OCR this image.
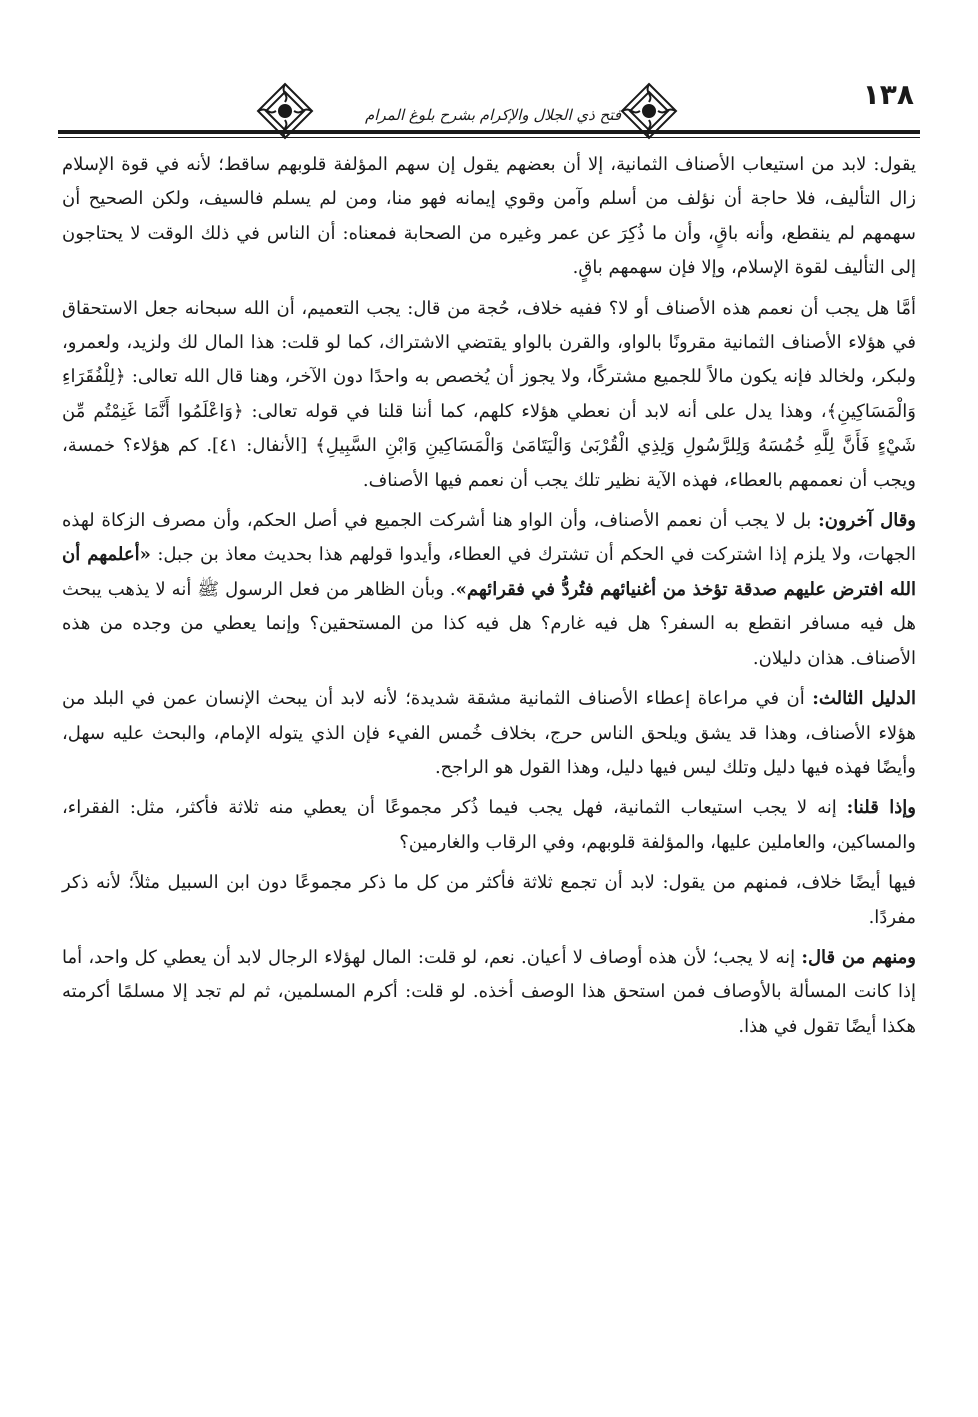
١٣٨
فتح ذي الجلال والإكرام بشرح بلوغ المرام

يقول: لابد من استيعاب الأصناف الثمانية، إلا أن بعضهم يقول إن سهم المؤلفة قلوبهم ساقط؛ لأنه في قوة الإسلام زال التأليف، فلا حاجة أن نؤلف من أسلم وآمن وقوي إيمانه فهو منا، ومن لم يسلم فالسيف، ولكن الصحيح أن سهمهم لم ينقطع، وأنه باقٍ، وأن ما ذُكِرَ عن عمر وغيره من الصحابة فمعناه: أن الناس في ذلك الوقت لا يحتاجون إلى التأليف لقوة الإسلام، وإلا فإن سهمهم باقٍ.

أمَّا هل يجب أن نعمم هذه الأصناف أو لا؟ ففيه خلاف، حُجة من قال: يجب التعميم، أن الله سبحانه جعل الاستحقاق في هؤلاء الأصناف الثمانية مقرونًا بالواو، والقرن بالواو يقتضي الاشتراك، كما لو قلت: هذا المال لك ولزيد، ولعمرو، ولبكر، ولخالد فإنه يكون مالاً للجميع مشتركًا، ولا يجوز أن يُخصص به واحدًا دون الآخر، وهنا قال الله تعالى: ﴿لِلْفُقَرَاءِ وَالْمَسَاكِينِ﴾، وهذا يدل على أنه لابد أن نعطي هؤلاء كلهم، كما أننا قلنا في قوله تعالى: ﴿وَاعْلَمُوا أَنَّمَا غَنِمْتُم مِّن شَيْءٍ فَأَنَّ لِلَّهِ خُمُسَهُ وَلِلرَّسُولِ وَلِذِي الْقُرْبَىٰ وَالْيَتَامَىٰ وَالْمَسَاكِينِ وَابْنِ السَّبِيلِ﴾ [الأنفال: ٤١]. كم هؤلاء؟ خمسة، ويجب أن نعممهم بالعطاء، فهذه الآية نظير تلك يجب أن نعمم فيها الأصناف.

وقال آخرون: بل لا يجب أن نعمم الأصناف، وأن الواو هنا أشركت الجميع في أصل الحكم، وأن مصرف الزكاة لهذه الجهات، ولا يلزم إذا اشتركت في الحكم أن تشترك في العطاء، وأيدوا قولهم هذا بحديث معاذ بن جبل: «أعلمهم أن الله افترض عليهم صدقة تؤخذ من أغنيائهم فتُردُّ في فقرائهم». وبأن الظاهر من فعل الرسول ﷺ أنه لا يذهب يبحث هل فيه مسافر انقطع به السفر؟ هل فيه غارم؟ هل فيه كذا من المستحقين؟ وإنما يعطي من وجده من هذه الأصناف. هذان دليلان.

الدليل الثالث: أن في مراعاة إعطاء الأصناف الثمانية مشقة شديدة؛ لأنه لابد أن يبحث الإنسان عمن في البلد من هؤلاء الأصناف، وهذا قد يشق ويلحق الناس حرج، بخلاف خُمس الفيء فإن الذي يتوله الإمام، والبحث عليه سهل، وأيضًا فهذه فيها دليل وتلك ليس فيها دليل، وهذا القول هو الراجح.

وإذا قلنا: إنه لا يجب استيعاب الثمانية، فهل يجب فيما ذُكر مجموعًا أن يعطي منه ثلاثة فأكثر، مثل: الفقراء، والمساكين، والعاملين عليها، والمؤلفة قلوبهم، وفي الرقاب والغارمين؟

فيها أيضًا خلاف، فمنهم من يقول: لابد أن تجمع ثلاثة فأكثر من كل ما ذكر مجموعًا دون ابن السبيل مثلاً؛ لأنه ذكر مفردًا.

ومنهم من قال: إنه لا يجب؛ لأن هذه أوصاف لا أعيان. نعم، لو قلت: المال لهؤلاء الرجال لابد أن يعطي كل واحد، أما إذا كانت المسألة بالأوصاف فمن استحق هذا الوصف أخذه. لو قلت: أكرم المسلمين، ثم لم تجد إلا مسلمًا أكرمته هكذا أيضًا تقول في هذا.
